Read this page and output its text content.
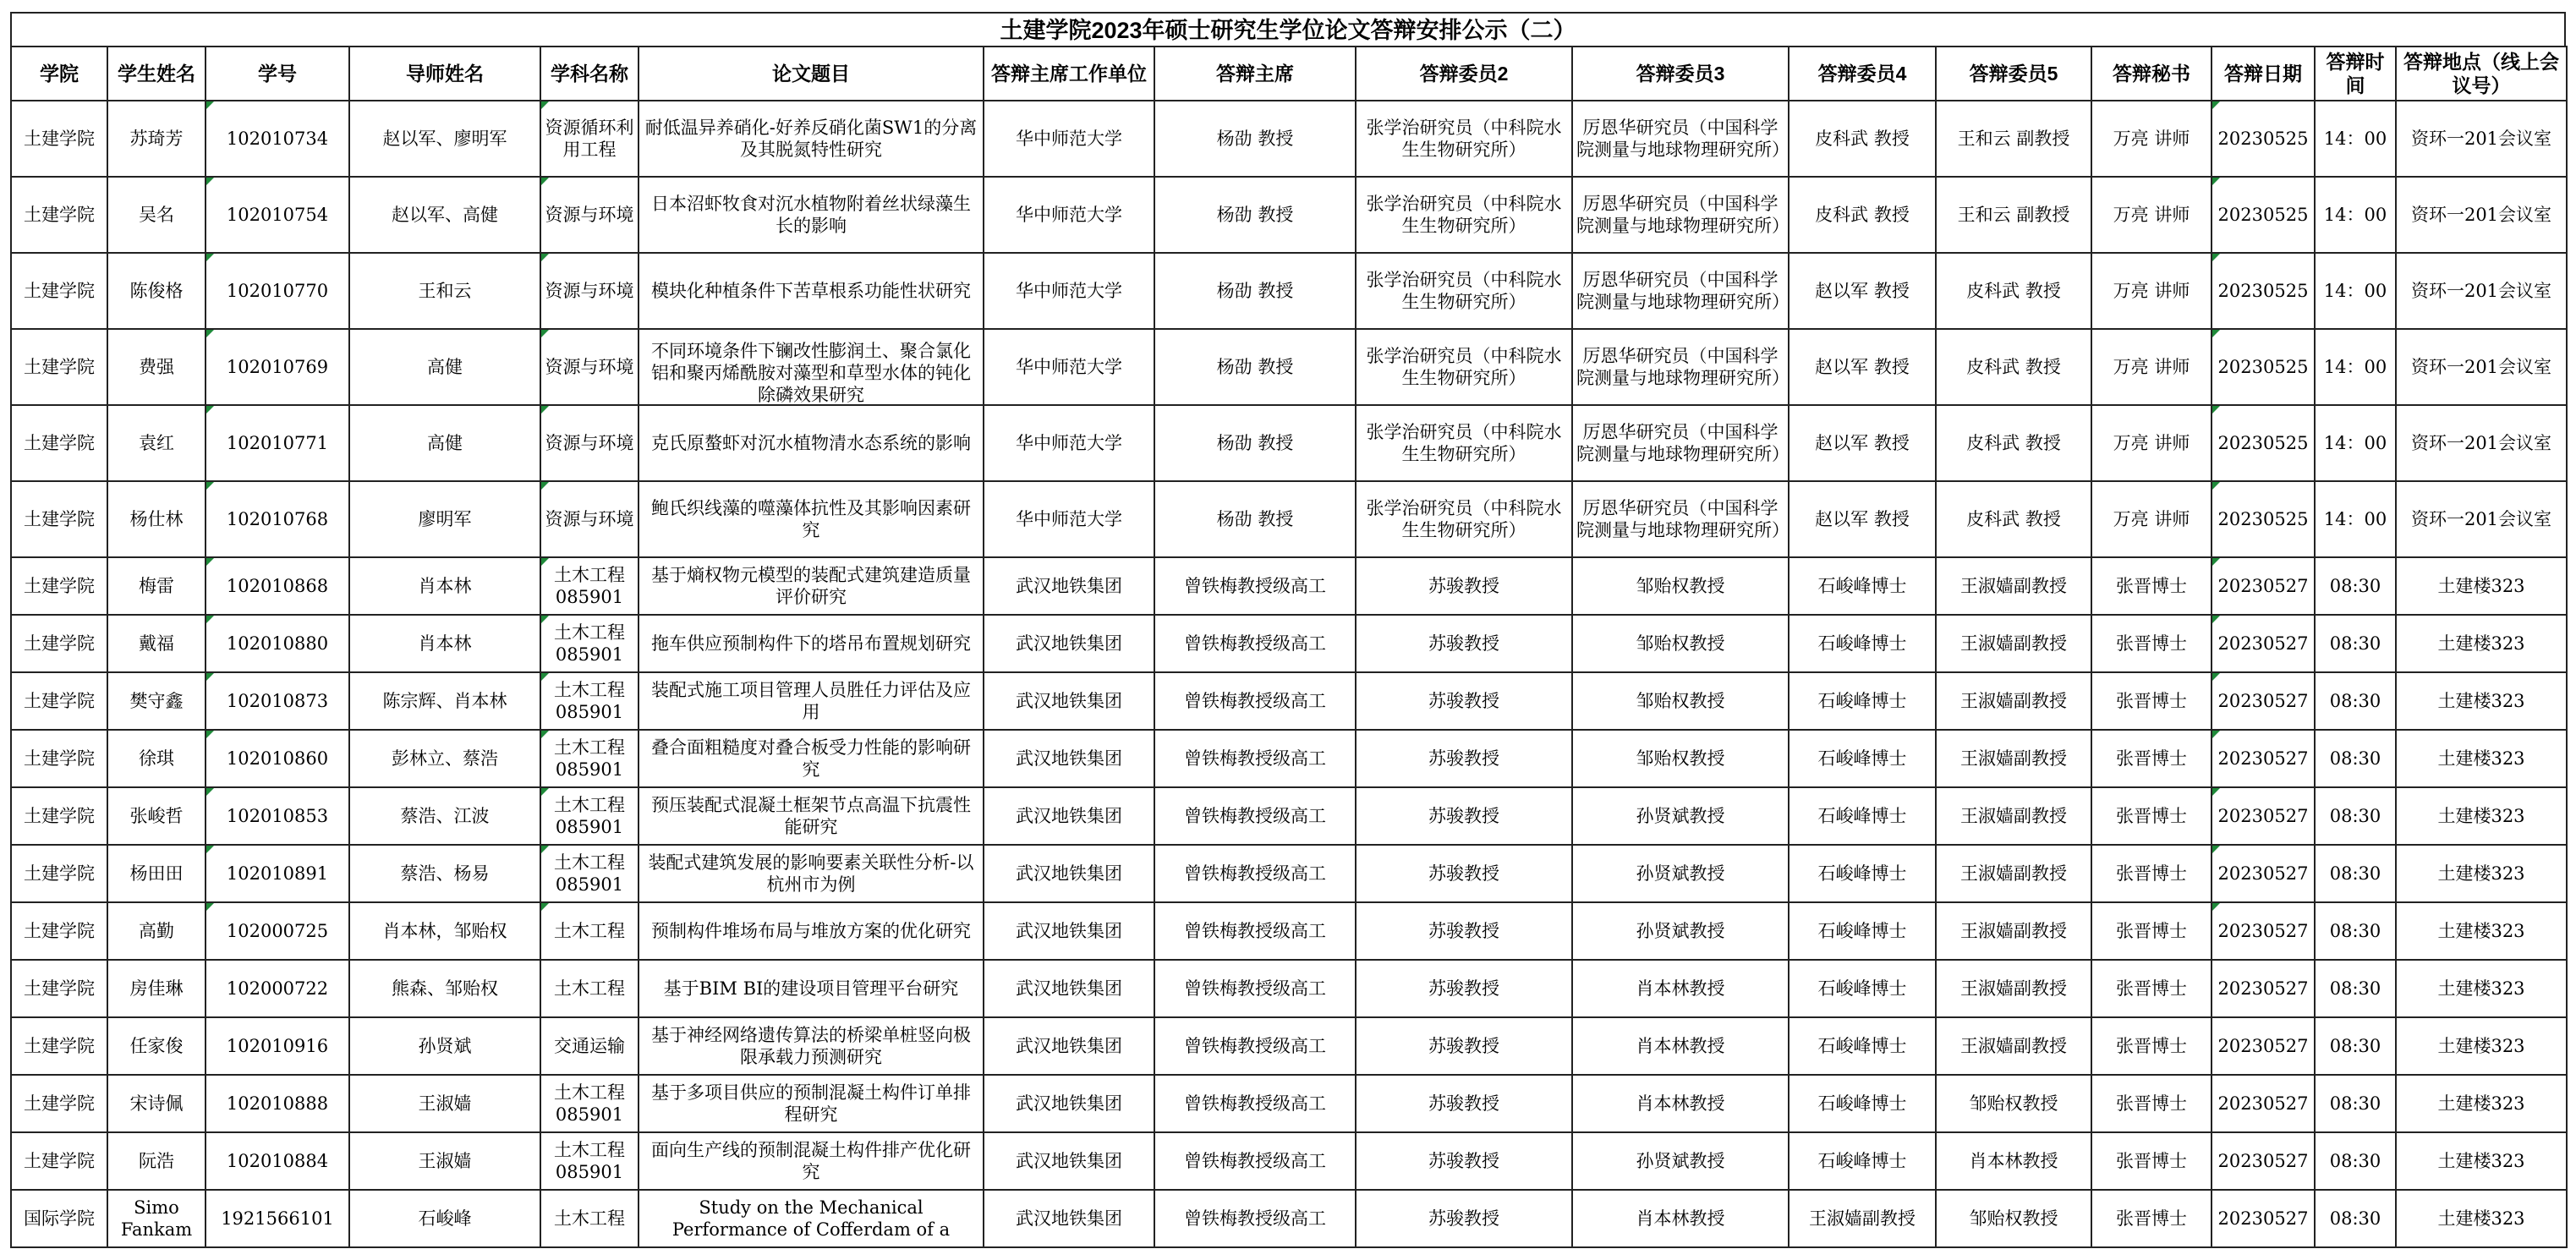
土建学院2023年硕士研究生学位论文答辩安排公示（二）
学院	学生姓名	学号	导师姓名	学科名称	论文题目	答辩主席工作单位	答辩主席	答辩委员2	答辩委员3	答辩委员4	答辩委员5	答辩秘书	答辩日期	答辩时间	答辩地点（线上会议号）
土建学院	苏琦芳	102010734	赵以军、廖明军	资源循环利用工程	耐低温异养硝化-好养反硝化菌SW1的分离及其脱氮特性研究	华中师范大学	杨劭 教授	张学治研究员（中科院水生生物研究所）	厉恩华研究员（中国科学院测量与地球物理研究所）	皮科武 教授	王和云 副教授	万亮 讲师	20230525	14：00	资环一201会议室
土建学院	吴名	102010754	赵以军、高健	资源与环境	日本沼虾牧食对沉水植物附着丝状绿藻生长的影响	华中师范大学	杨劭 教授	张学治研究员（中科院水生生物研究所）	厉恩华研究员（中国科学院测量与地球物理研究所）	皮科武 教授	王和云 副教授	万亮 讲师	20230525	14：00	资环一201会议室
土建学院	陈俊格	102010770	王和云	资源与环境	模块化种植条件下苦草根系功能性状研究	华中师范大学	杨劭 教授	张学治研究员（中科院水生生物研究所）	厉恩华研究员（中国科学院测量与地球物理研究所）	赵以军 教授	皮科武 教授	万亮 讲师	20230525	14：00	资环一201会议室
土建学院	费强	102010769	高健	资源与环境	不同环境条件下镧改性膨润土、聚合氯化铝和聚丙烯酰胺对藻型和草型水体的钝化除磷效果研究	华中师范大学	杨劭 教授	张学治研究员（中科院水生生物研究所）	厉恩华研究员（中国科学院测量与地球物理研究所）	赵以军 教授	皮科武 教授	万亮 讲师	20230525	14：00	资环一201会议室
土建学院	袁红	102010771	高健	资源与环境	克氏原螯虾对沉水植物清水态系统的影响	华中师范大学	杨劭 教授	张学治研究员（中科院水生生物研究所）	厉恩华研究员（中国科学院测量与地球物理研究所）	赵以军 教授	皮科武 教授	万亮 讲师	20230525	14：00	资环一201会议室
土建学院	杨仕林	102010768	廖明军	资源与环境	鲍氏织线藻的噬藻体抗性及其影响因素研究	华中师范大学	杨劭 教授	张学治研究员（中科院水生生物研究所）	厉恩华研究员（中国科学院测量与地球物理研究所）	赵以军 教授	皮科武 教授	万亮 讲师	20230525	14：00	资环一201会议室
土建学院	梅雷	102010868	肖本林	土木工程085901	基于熵权物元模型的装配式建筑建造质量评价研究	武汉地铁集团	曾铁梅教授级高工	苏骏教授	邹贻权教授	石峻峰博士	王淑嫱副教授	张晋博士	20230527	08:30	土建楼323
土建学院	戴福	102010880	肖本林	土木工程085901	拖车供应预制构件下的塔吊布置规划研究	武汉地铁集团	曾铁梅教授级高工	苏骏教授	邹贻权教授	石峻峰博士	王淑嫱副教授	张晋博士	20230527	08:30	土建楼323
土建学院	樊守鑫	102010873	陈宗辉、肖本林	土木工程085901	装配式施工项目管理人员胜任力评估及应用	武汉地铁集团	曾铁梅教授级高工	苏骏教授	邹贻权教授	石峻峰博士	王淑嫱副教授	张晋博士	20230527	08:30	土建楼323
土建学院	徐琪	102010860	彭林立、蔡浩	土木工程085901	叠合面粗糙度对叠合板受力性能的影响研究	武汉地铁集团	曾铁梅教授级高工	苏骏教授	邹贻权教授	石峻峰博士	王淑嫱副教授	张晋博士	20230527	08:30	土建楼323
土建学院	张峻哲	102010853	蔡浩、江波	土木工程085901	预压装配式混凝土框架节点高温下抗震性能研究	武汉地铁集团	曾铁梅教授级高工	苏骏教授	孙贤斌教授	石峻峰博士	王淑嫱副教授	张晋博士	20230527	08:30	土建楼323
土建学院	杨田田	102010891	蔡浩、杨易	土木工程085901	装配式建筑发展的影响要素关联性分析-以杭州市为例	武汉地铁集团	曾铁梅教授级高工	苏骏教授	孙贤斌教授	石峻峰博士	王淑嫱副教授	张晋博士	20230527	08:30	土建楼323
土建学院	高勤	102000725	肖本林，邹贻权	土木工程	预制构件堆场布局与堆放方案的优化研究	武汉地铁集团	曾铁梅教授级高工	苏骏教授	孙贤斌教授	石峻峰博士	王淑嫱副教授	张晋博士	20230527	08:30	土建楼323
土建学院	房佳琳	102000722	熊森、邹贻权	土木工程	基于BIM BI的建设项目管理平台研究	武汉地铁集团	曾铁梅教授级高工	苏骏教授	肖本林教授	石峻峰博士	王淑嫱副教授	张晋博士	20230527	08:30	土建楼323
土建学院	任家俊	102010916	孙贤斌	交通运输	基于神经网络遗传算法的桥梁单桩竖向极限承载力预测研究	武汉地铁集团	曾铁梅教授级高工	苏骏教授	肖本林教授	石峻峰博士	王淑嫱副教授	张晋博士	20230527	08:30	土建楼323
土建学院	宋诗佩	102010888	王淑嫱	土木工程085901	基于多项目供应的预制混凝土构件订单排程研究	武汉地铁集团	曾铁梅教授级高工	苏骏教授	肖本林教授	石峻峰博士	邹贻权教授	张晋博士	20230527	08:30	土建楼323
土建学院	阮浩	102010884	王淑嫱	土木工程085901	面向生产线的预制混凝土构件排产优化研究	武汉地铁集团	曾铁梅教授级高工	苏骏教授	孙贤斌教授	石峻峰博士	肖本林教授	张晋博士	20230527	08:30	土建楼323
国际学院	Simo Fankam	1921566101	石峻峰	土木工程	Study on the Mechanical Performance of Cofferdam of a	武汉地铁集团	曾铁梅教授级高工	苏骏教授	肖本林教授	王淑嫱副教授	邹贻权教授	张晋博士	20230527	08:30	土建楼323
